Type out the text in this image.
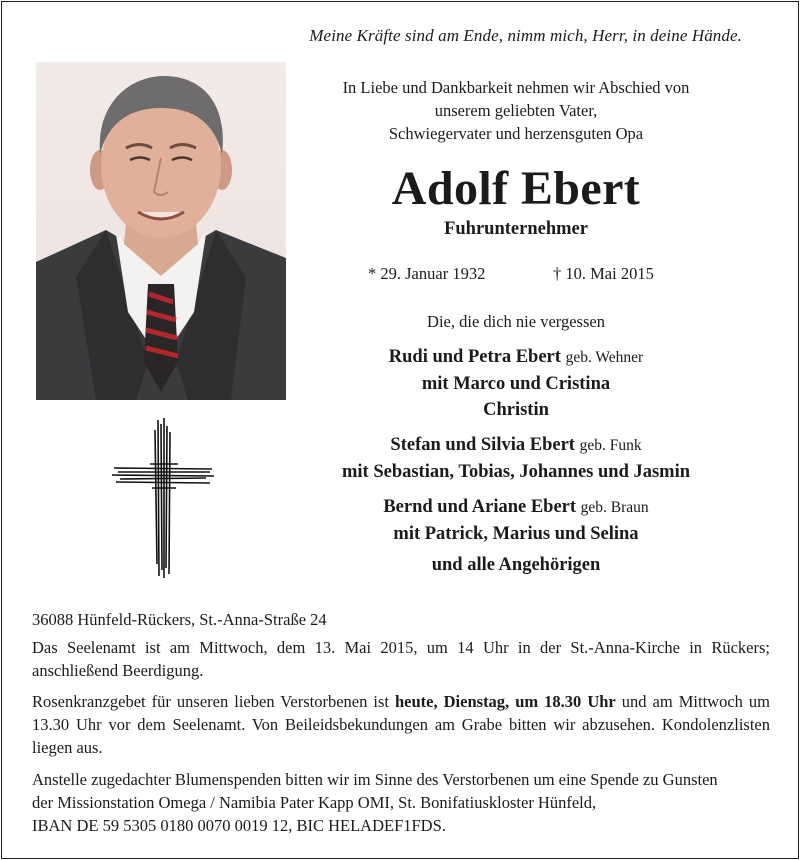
Meine Kräfte sind am Ende, nimm mich, Herr, in deine Hände.
In Liebe und Dankbarkeit nehmen wir Abschied von
unserem geliebten Vater,
Schwiegervater und herzensguten Opa
Adolf Ebert
Fuhrunternehmer
* 29. Januar 1932	† 10. Mai 2015
Die, die dich nie vergessen
Rudi und Petra Ebert geb. Wehner
mit Marco und Cristina
Christin
Stefan und Silvia Ebert geb. Funk
mit Sebastian, Tobias, Johannes und Jasmin
Bernd und Ariane Ebert geb. Braun
mit Patrick, Marius und Selina
und alle Angehörigen
36088 Hünfeld-Rückers, St.-Anna-Straße 24
Das Seelenamt ist am Mittwoch, dem 13. Mai 2015, um 14 Uhr in der St.-Anna-Kirche in Rückers; anschließend Beerdigung.
Rosenkranzgebet für unseren lieben Verstorbenen ist heute, Dienstag, um 18.30 Uhr und am Mittwoch um 13.30 Uhr vor dem Seelenamt. Von Beileidsbekundungen am Grabe bitten wir abzusehen. Kondolenzlisten liegen aus.
Anstelle zugedachter Blumenspenden bitten wir im Sinne des Verstorbenen um eine Spende zu Gunsten
der Missionstation Omega / Namibia Pater Kapp OMI, St. Bonifatiuskloster Hünfeld,
IBAN DE 59 5305 0180 0070 0019 12, BIC HELADEF1FDS.
